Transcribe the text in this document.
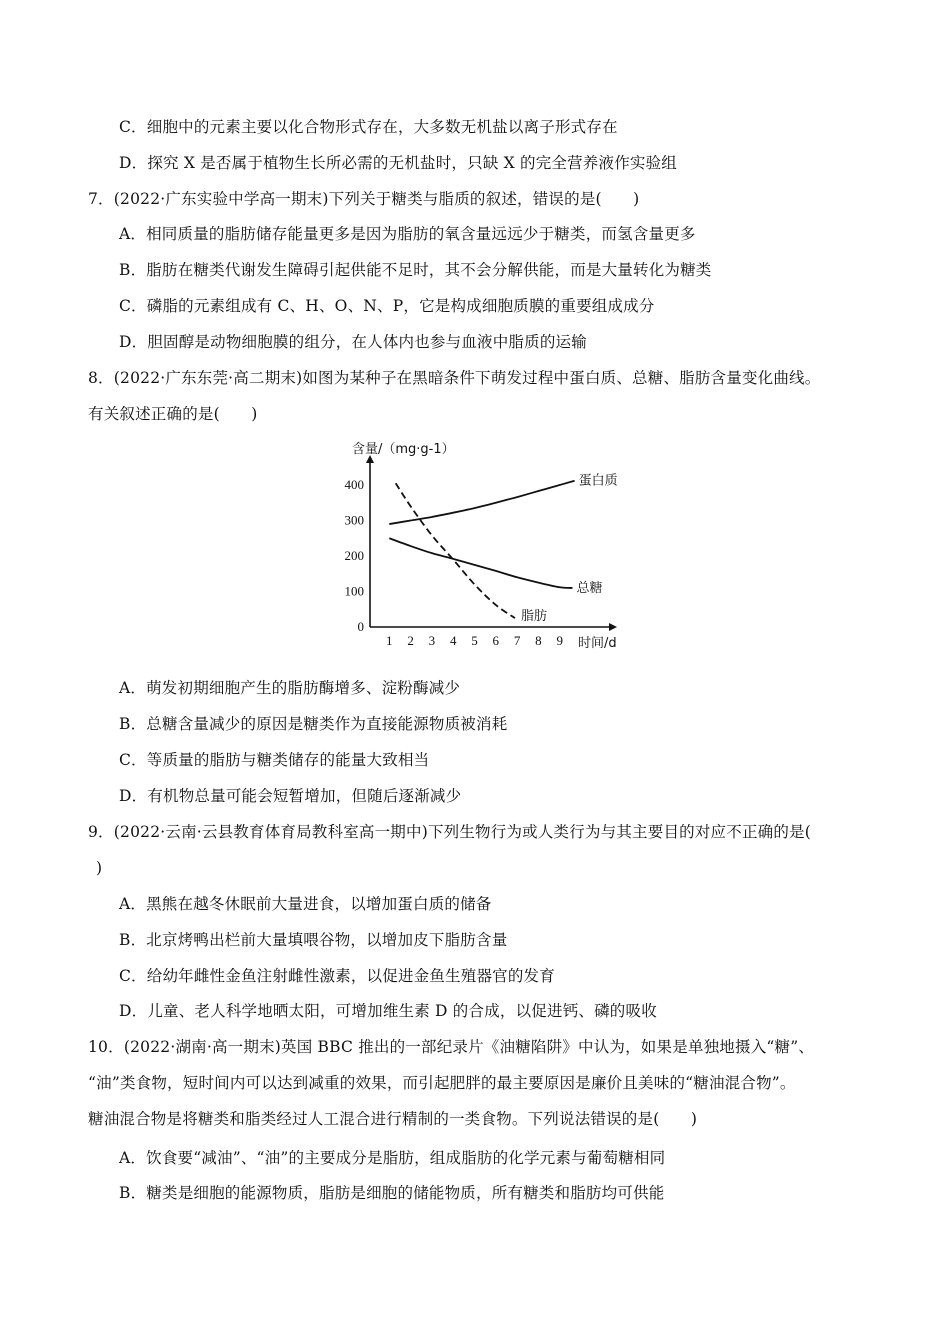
C．细胞中的元素主要以化合物形式存在，大多数无机盐以离子形式存在
D．探究 X 是否属于植物生长所必需的无机盐时，只缺 X 的完全营养液作实验组
7．(2022·广东实验中学高一期末)下列关于糖类与脂质的叙述，错误的是(　　)
A．相同质量的脂肪储存能量更多是因为脂肪的氧含量远远少于糖类，而氢含量更多
B．脂肪在糖类代谢发生障碍引起供能不足时，其不会分解供能，而是大量转化为糖类
C．磷脂的元素组成有 C、H、O、N、P，它是构成细胞质膜的重要组成成分
D．胆固醇是动物细胞膜的组分，在人体内也参与血液中脂质的运输
8．(2022·广东东莞·高二期末)如图为某种子在黑暗条件下萌发过程中蛋白质、总糖、脂肪含量变化曲线。
有关叙述正确的是(　　)
含量/（mg·g-1）
时间/d
0
100
200
300
400
1 2 3 4 5 6 7 8 9
蛋白质
总糖
脂肪
A．萌发初期细胞产生的脂肪酶增多、淀粉酶减少
B．总糖含量减少的原因是糖类作为直接能源物质被消耗
C．等质量的脂肪与糖类储存的能量大致相当
D．有机物总量可能会短暂增加，但随后逐渐减少
9．(2022·云南·云县教育体育局教科室高一期中)下列生物行为或人类行为与其主要目的对应不正确的是(
)
A．黑熊在越冬休眠前大量进食，以增加蛋白质的储备
B．北京烤鸭出栏前大量填喂谷物，以增加皮下脂肪含量
C．给幼年雌性金鱼注射雌性激素，以促进金鱼生殖器官的发育
D．儿童、老人科学地晒太阳，可增加维生素 D 的合成，以促进钙、磷的吸收
10．(2022·湖南·高一期末)英国 BBC 推出的一部纪录片《油糖陷阱》中认为，如果是单独地摄入“糖”、
“油”类食物，短时间内可以达到减重的效果，而引起肥胖的最主要原因是廉价且美味的“糖油混合物”。
糖油混合物是将糖类和脂类经过人工混合进行精制的一类食物。下列说法错误的是(　　)
A．饮食要“减油”、“油”的主要成分是脂肪，组成脂肪的化学元素与葡萄糖相同
B．糖类是细胞的能源物质，脂肪是细胞的储能物质，所有糖类和脂肪均可供能
